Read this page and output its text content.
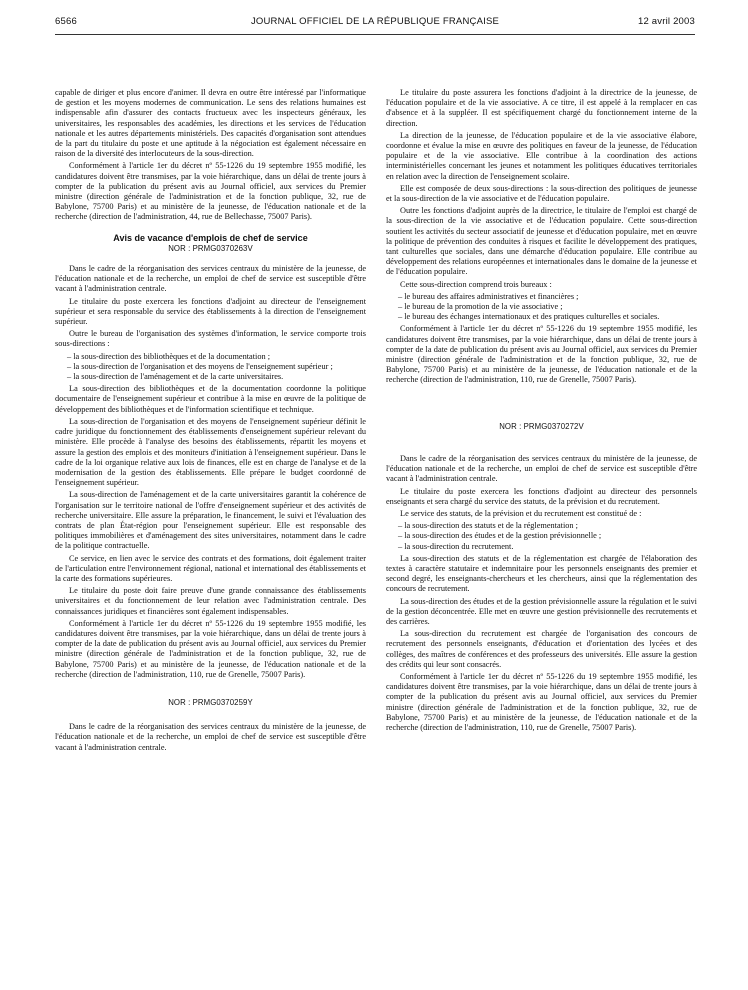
6566	JOURNAL OFFICIEL DE LA RÉPUBLIQUE FRANÇAISE	12 avril 2003

capable de diriger et plus encore d'animer. Il devra en outre être intéressé par l'informatique de gestion et les moyens modernes de communication. Le sens des relations humaines est indispensable afin d'assurer des contacts fructueux avec les inspecteurs généraux, les universitaires, les responsables des académies, les directions et les services de l'éducation nationale et les autres départements ministériels. Des capacités d'organisation sont attendues de la part du titulaire du poste et une aptitude à la négociation est également nécessaire en raison de la diversité des interlocuteurs de la sous-direction.

Conformément à l'article 1er du décret nº 55-1226 du 19 septembre 1955 modifié, les candidatures doivent être transmises, par la voie hiérarchique, dans un délai de trente jours à compter de la publication du présent avis au Journal officiel, aux services du Premier ministre (direction générale de l'administration et de la fonction publique, 32, rue de Babylone, 75700 Paris) et au ministère de la jeunesse, de l'éducation nationale et de la recherche (direction de l'administration, 44, rue de Bellechasse, 75007 Paris).

Avis de vacance d'emplois de chef de service
NOR : PRMG0370263V

Dans le cadre de la réorganisation des services centraux du ministère de la jeunesse, de l'éducation nationale et de la recherche, un emploi de chef de service est susceptible d'être vacant à l'administration centrale.

Le titulaire du poste exercera les fonctions d'adjoint au directeur de l'enseignement supérieur et sera responsable du service des établissements à la direction de l'enseignement supérieur.

Outre le bureau de l'organisation des systèmes d'information, le service comporte trois sous-directions :

– la sous-direction des bibliothèques et de la documentation ;
– la sous-direction de l'organisation et des moyens de l'enseignement supérieur ;
– la sous-direction de l'aménagement et de la carte universitaires.

La sous-direction des bibliothèques et de la documentation coordonne la politique documentaire de l'enseignement supérieur et contribue à la mise en œuvre de la politique de développement des bibliothèques et de l'information scientifique et technique.

La sous-direction de l'organisation et des moyens de l'enseignement supérieur définit le cadre juridique du fonctionnement des établissements d'enseignement supérieur relevant du ministère. Elle procède à l'analyse des besoins des établissements, répartit les moyens et assure la gestion des emplois et des moniteurs d'initiation à l'enseignement supérieur. Dans le cadre de la loi organique relative aux lois de finances, elle est en charge de l'analyse et de la modernisation de la gestion des établissements. Elle prépare le budget coordonné de l'enseignement supérieur.

La sous-direction de l'aménagement et de la carte universitaires garantit la cohérence de l'organisation sur le territoire national de l'offre d'enseignement supérieur et des activités de recherche universitaire. Elle assure la préparation, le financement, le suivi et l'évaluation des contrats de plan État-région pour l'enseignement supérieur. Elle est responsable des politiques immobilières et d'aménagement des sites universitaires, notamment dans le cadre de la politique contractuelle.

Ce service, en lien avec le service des contrats et des formations, doit également traiter de l'articulation entre l'environnement régional, national et international des établissements et la carte des formations supérieures.

Le titulaire du poste doit faire preuve d'une grande connaissance des établissements universitaires et du fonctionnement de leur relation avec l'administration centrale. Des connaissances juridiques et financières sont également indispensables.

Conformément à l'article 1er du décret nº 55-1226 du 19 septembre 1955 modifié, les candidatures doivent être transmises, par la voie hiérarchique, dans un délai de trente jours à compter de la date de publication du présent avis au Journal officiel, aux services du Premier ministre (direction générale de l'administration et de la fonction publique, 32, rue de Babylone, 75700 Paris) et au ministère de la jeunesse, de l'éducation nationale et de la recherche (direction de l'administration, 110, rue de Grenelle, 75007 Paris).

NOR : PRMG0370259Y

Dans le cadre de la réorganisation des services centraux du ministère de la jeunesse, de l'éducation nationale et de la recherche, un emploi de chef de service est susceptible d'être vacant à l'administration centrale.

Le titulaire du poste assurera les fonctions d'adjoint à la directrice de la jeunesse, de l'éducation populaire et de la vie associative. A ce titre, il est appelé à la remplacer en cas d'absence et à la suppléer. Il est spécifiquement chargé du fonctionnement interne de la direction.

La direction de la jeunesse, de l'éducation populaire et de la vie associative élabore, coordonne et évalue la mise en œuvre des politiques en faveur de la jeunesse, de l'éducation populaire et de la vie associative. Elle contribue à la coordination des actions interministérielles concernant les jeunes et notamment les politiques éducatives territoriales en relation avec la direction de l'enseignement scolaire.

Elle est composée de deux sous-directions : la sous-direction des politiques de jeunesse et la sous-direction de la vie associative et de l'éducation populaire.

Outre les fonctions d'adjoint auprès de la directrice, le titulaire de l'emploi est chargé de la sous-direction de la vie associative et de l'éducation populaire. Cette sous-direction soutient les activités du secteur associatif de jeunesse et d'éducation populaire, met en œuvre la politique de prévention des conduites à risques et facilite le développement des pratiques, tant culturelles que sociales, dans une démarche d'éducation populaire. Elle contribue au développement des relations européennes et internationales dans le domaine de la jeunesse et de l'éducation populaire.

Cette sous-direction comprend trois bureaux :

– le bureau des affaires administratives et financières ;
– le bureau de la promotion de la vie associative ;
– le bureau des échanges internationaux et des pratiques culturelles et sociales.

Conformément à l'article 1er du décret nº 55-1226 du 19 septembre 1955 modifié, les candidatures doivent être transmises, par la voie hiérarchique, dans un délai de trente jours à compter de la date de publication du présent avis au Journal officiel, aux services du Premier ministre (direction générale de l'administration et de la fonction publique, 32, rue de Babylone, 75700 Paris) et au ministère de la jeunesse, de l'éducation nationale et de la recherche (direction de l'administration, 110, rue de Grenelle, 75007 Paris).

NOR : PRMG0370272V

Dans le cadre de la réorganisation des services centraux du ministère de la jeunesse, de l'éducation nationale et de la recherche, un emploi de chef de service est susceptible d'être vacant à l'administration centrale.

Le titulaire du poste exercera les fonctions d'adjoint au directeur des personnels enseignants et sera chargé du service des statuts, de la prévision et du recrutement.

Le service des statuts, de la prévision et du recrutement est constitué de :

– la sous-direction des statuts et de la réglementation ;
– la sous-direction des études et de la gestion prévisionnelle ;
– la sous-direction du recrutement.

La sous-direction des statuts et de la réglementation est chargée de l'élaboration des textes à caractère statutaire et indemnitaire pour les personnels enseignants des premier et second degré, les enseignants-chercheurs et les chercheurs, ainsi que la réglementation des concours de recrutement.

La sous-direction des études et de la gestion prévisionnelle assure la régulation et le suivi de la gestion déconcentrée. Elle met en œuvre une gestion prévisionnelle des recrutements et des carrières.

La sous-direction du recrutement est chargée de l'organisation des concours de recrutement des personnels enseignants, d'éducation et d'orientation des lycées et des collèges, des maîtres de conférences et des professeurs des universités. Elle assure la gestion des crédits qui leur sont consacrés.

Conformément à l'article 1er du décret nº 55-1226 du 19 septembre 1955 modifié, les candidatures doivent être transmises, par la voie hiérarchique, dans un délai de trente jours à compter de la publication du présent avis au Journal officiel, aux services du Premier ministre (direction générale de l'administration et de la fonction publique, 32, rue de Babylone, 75700 Paris) et au ministère de la jeunesse, de l'éducation nationale et de la recherche (direction de l'administration, 110, rue de Grenelle, 75007 Paris).
